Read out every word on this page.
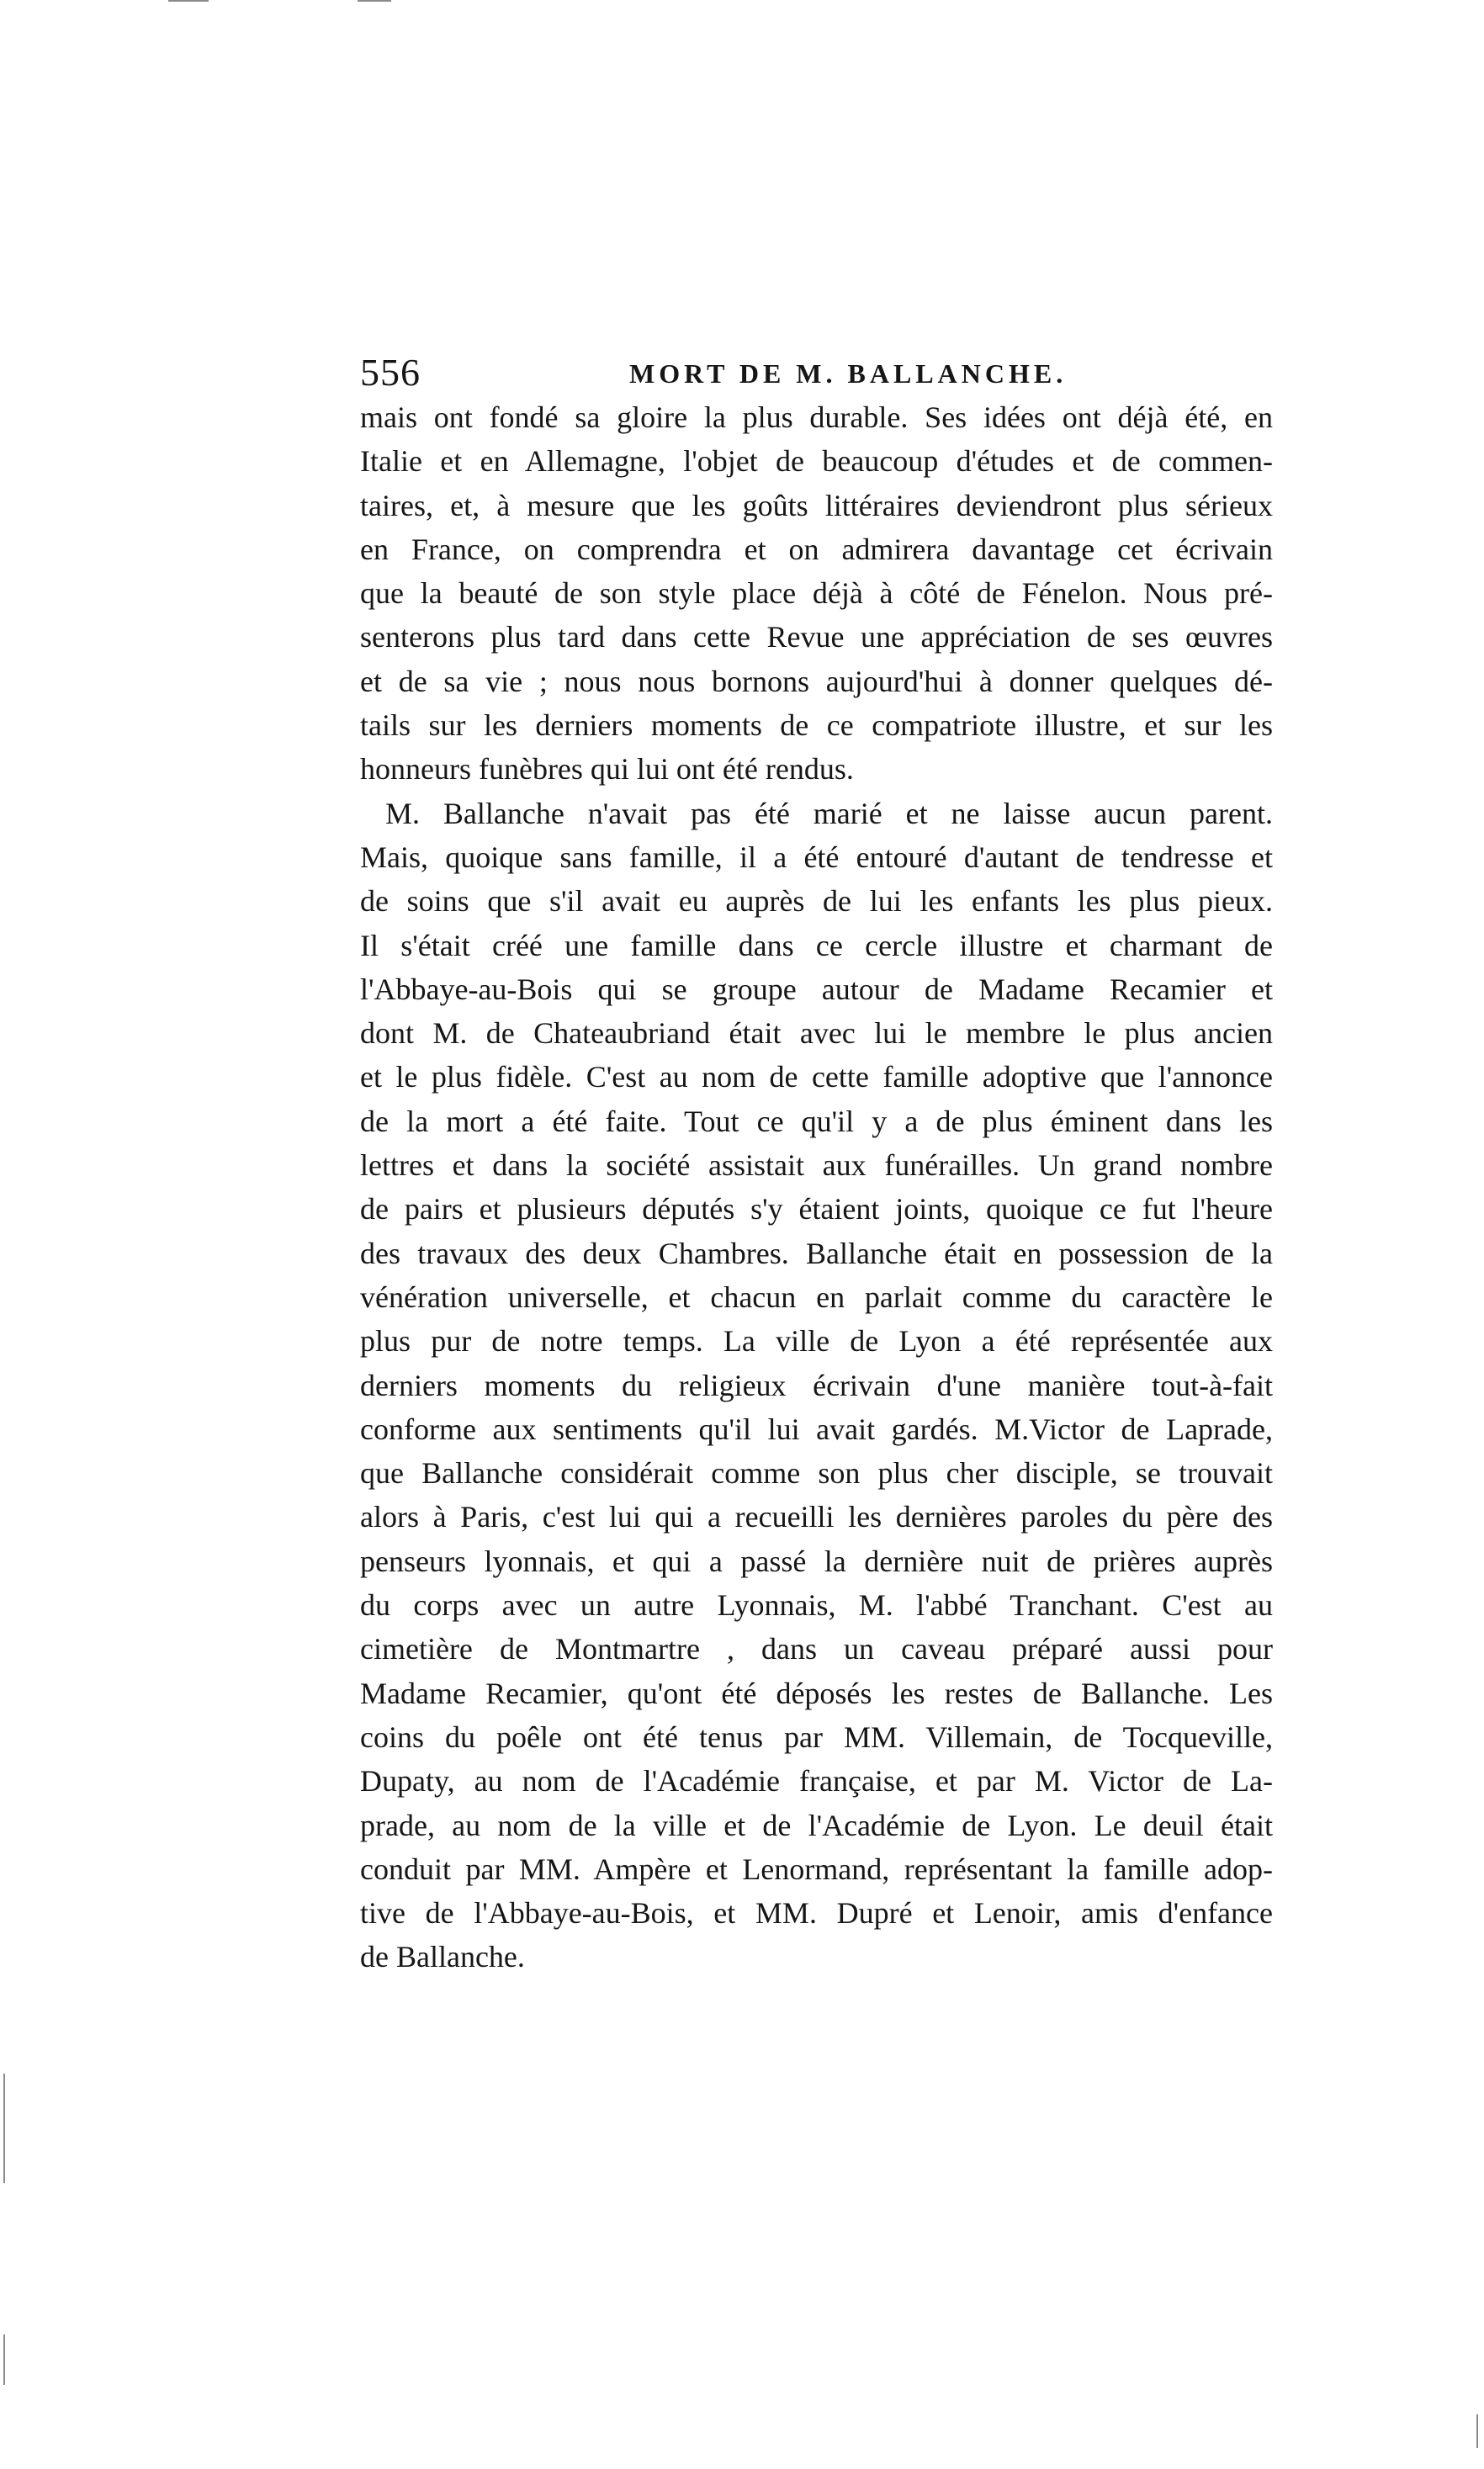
556	MORT DE M. BALLANCHE.
mais ont fondé sa gloire la plus durable. Ses idées ont déjà été, en
Italie et en Allemagne, l'objet de beaucoup d'études et de commen-
taires, et, à mesure que les goûts littéraires deviendront plus sérieux
en France, on comprendra et on admirera davantage cet écrivain
que la beauté de son style place déjà à côté de Fénelon. Nous pré-
senterons plus tard dans cette Revue une appréciation de ses œuvres
et de sa vie ; nous nous bornons aujourd'hui à donner quelques dé-
tails sur les derniers moments de ce compatriote illustre, et sur les
honneurs funèbres qui lui ont été rendus.
M. Ballanche n'avait pas été marié et ne laisse aucun parent.
Mais, quoique sans famille, il a été entouré d'autant de tendresse et
de soins que s'il avait eu auprès de lui les enfants les plus pieux.
Il s'était créé une famille dans ce cercle illustre et charmant de
l'Abbaye-au-Bois qui se groupe autour de Madame Recamier et
dont M. de Chateaubriand était avec lui le membre le plus ancien
et le plus fidèle. C'est au nom de cette famille adoptive que l'annonce
de la mort a été faite. Tout ce qu'il y a de plus éminent dans les
lettres et dans la société assistait aux funérailles. Un grand nombre
de pairs et plusieurs députés s'y étaient joints, quoique ce fut l'heure
des travaux des deux Chambres. Ballanche était en possession de la
vénération universelle, et chacun en parlait comme du caractère le
plus pur de notre temps. La ville de Lyon a été représentée aux
derniers moments du religieux écrivain d'une manière tout-à-fait
conforme aux sentiments qu'il lui avait gardés. M.Victor de Laprade,
que Ballanche considérait comme son plus cher disciple, se trouvait
alors à Paris, c'est lui qui a recueilli les dernières paroles du père des
penseurs lyonnais, et qui a passé la dernière nuit de prières auprès
du corps avec un autre Lyonnais, M. l'abbé Tranchant. C'est au
cimetière de Montmartre , dans un caveau préparé aussi pour
Madame Recamier, qu'ont été déposés les restes de Ballanche. Les
coins du poêle ont été tenus par MM. Villemain, de Tocqueville,
Dupaty, au nom de l'Académie française, et par M. Victor de La-
prade, au nom de la ville et de l'Académie de Lyon. Le deuil était
conduit par MM. Ampère et Lenormand, représentant la famille adop-
tive de l'Abbaye-au-Bois, et MM. Dupré et Lenoir, amis d'enfance
de Ballanche.
